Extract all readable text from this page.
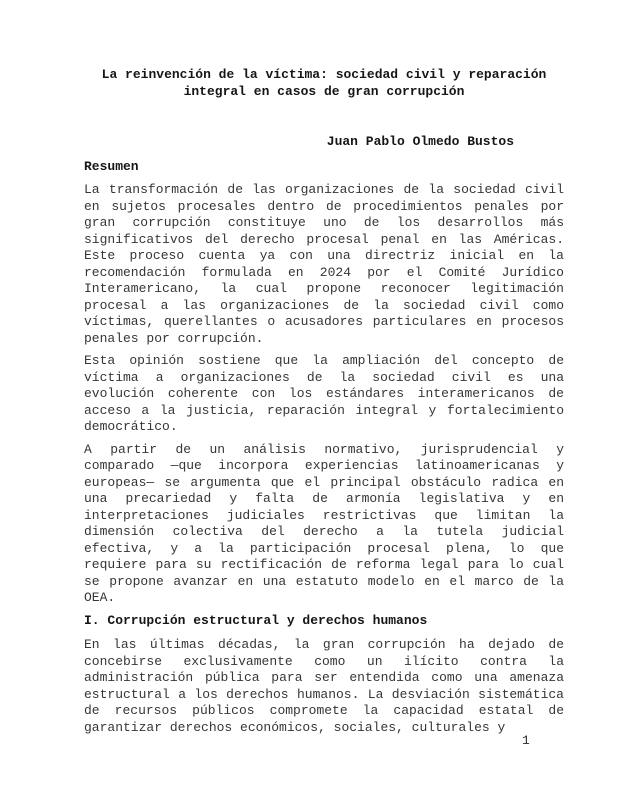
La reinvención de la víctima: sociedad civil y reparación integral en casos de gran corrupción
Juan Pablo Olmedo Bustos
Resumen

La transformación de las organizaciones de la sociedad civil en sujetos procesales dentro de procedimientos penales por gran corrupción constituye uno de los desarrollos más significativos del derecho procesal penal en las Américas. Este proceso cuenta ya con una directriz inicial en la recomendación formulada en 2024 por el Comité Jurídico Interamericano, la cual propone reconocer legitimación procesal a las organizaciones de la sociedad civil como víctimas, querellantes o acusadores particulares en procesos penales por corrupción.

Esta opinión sostiene que la ampliación del concepto de víctima a organizaciones de la sociedad civil es una evolución coherente con los estándares interamericanos de acceso a la justicia, reparación integral y fortalecimiento democrático.

A partir de un análisis normativo, jurisprudencial y comparado —que incorpora experiencias latinoamericanas y europeas— se argumenta que el principal obstáculo radica en una precariedad y falta de armonía legislativa y en interpretaciones judiciales restrictivas que limitan la dimensión colectiva del derecho a la tutela judicial efectiva, y a la participación procesal plena, lo que requiere para su rectificación de reforma legal para lo cual se propone avanzar en una estatuto modelo en el marco de la OEA.

I. Corrupción estructural y derechos humanos

En las últimas décadas, la gran corrupción ha dejado de concebirse exclusivamente como un ilícito contra la administración pública para ser entendida como una amenaza estructural a los derechos humanos. La desviación sistemática de recursos públicos compromete la capacidad estatal de garantizar derechos económicos, sociales, culturales y

1
